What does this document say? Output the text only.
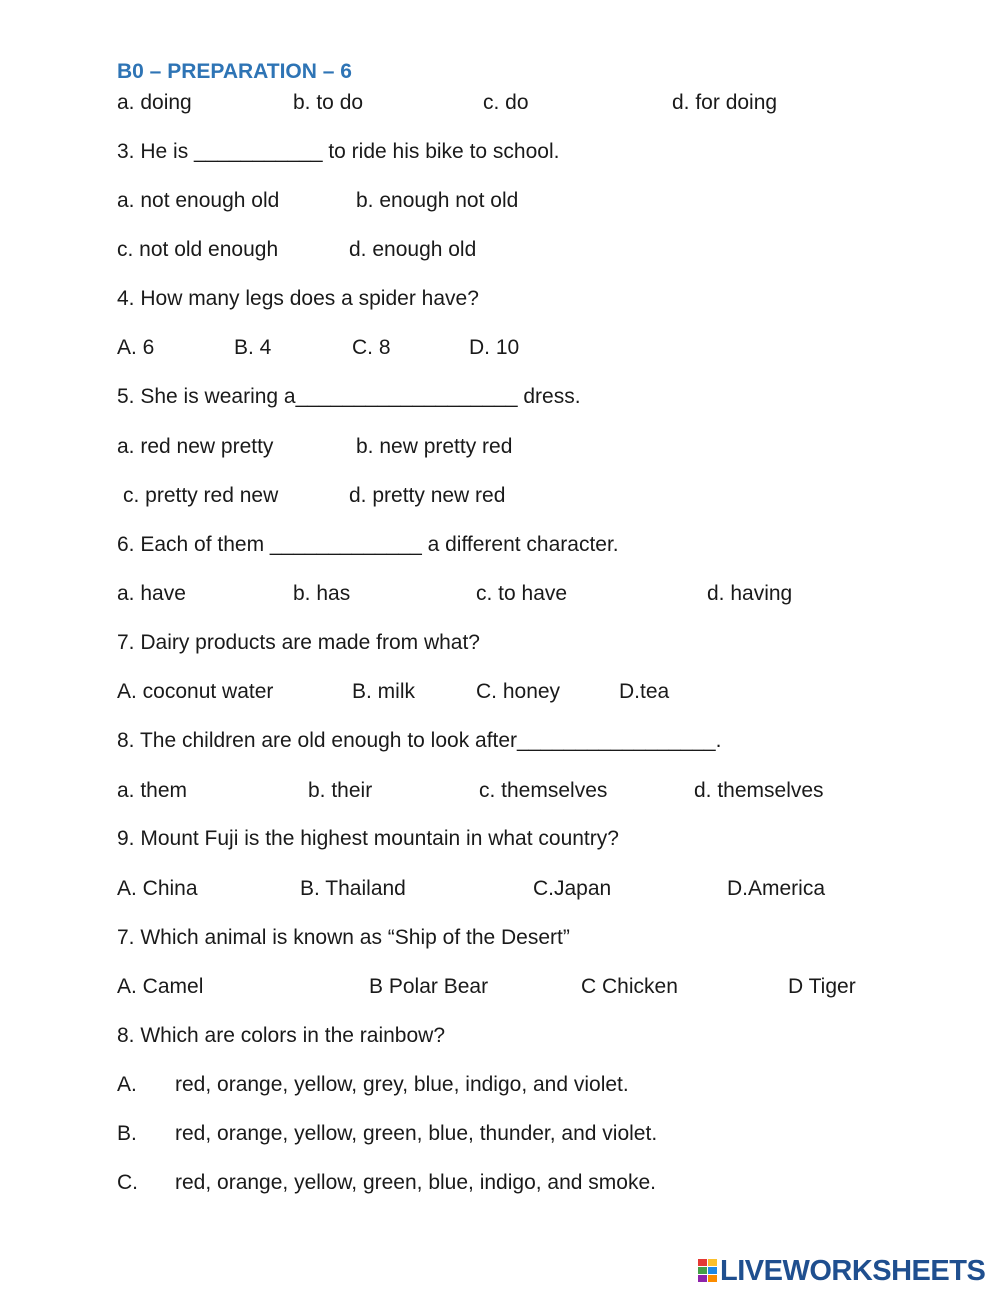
B0 – PREPARATION – 6
a. doing	b. to do	c. do	d. for doing
3. He is ___________ to ride his bike to school.
a. not enough old	b. enough not old
c. not old enough	d. enough old
4. How many legs does a spider have?
A. 6	B. 4	C. 8	D. 10
5. She is wearing a___________________ dress.
a. red new pretty	b. new pretty red
c. pretty red new	d. pretty new red
6. Each of them _____________ a different character.
a. have	b. has	c. to have	d. having
7. Dairy products are made from what?
A. coconut water	B. milk	C. honey	D.tea
8. The children are old enough to look after_________________.
a. them	b. their	c. themselves	d. themselves
9. Mount Fuji is the highest mountain in what country?
A. China	B. Thailand	C.Japan	D.America
7. Which animal is known as “Ship of the Desert”
A. Camel	B Polar Bear	C Chicken	D Tiger
8. Which are colors in the rainbow?
A. red, orange, yellow, grey, blue, indigo, and violet.
B. red, orange, yellow, green, blue, thunder, and violet.
C. red, orange, yellow, green, blue, indigo, and smoke.
LIVEWORKSHEETS
